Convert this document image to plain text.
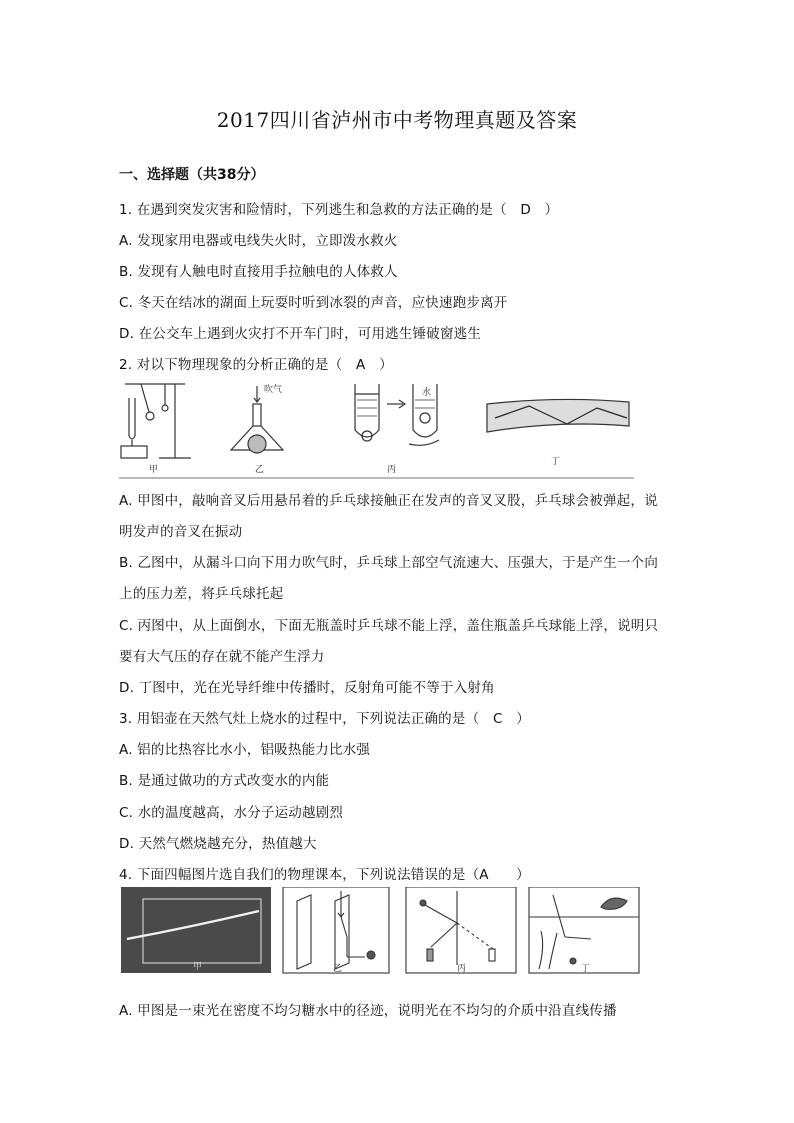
2017四川省泸州市中考物理真题及答案
一、选择题（共38分）
1. 在遇到突发灾害和险情时，下列逃生和急救的方法正确的是（　D　）
A. 发现家用电器或电线失火时，立即泼水救火
B. 发现有人触电时直接用手拉触电的人体救人
C. 冬天在结冰的湖面上玩耍时听到冰裂的声音，应快速跑步离开
D. 在公交车上遇到火灾打不开车门时，可用逃生锤破窗逃生
2. 对以下物理现象的分析正确的是（　A　）
甲
吹气
乙
水
丙
丁
A. 甲图中，敲响音叉后用悬吊着的乒乓球接触正在发声的音叉叉股，乒乓球会被弹起，说
明发声的音叉在振动
B. 乙图中，从漏斗口向下用力吹气时，乒乓球上部空气流速大、压强大，于是产生一个向
上的压力差，将乒乓球托起
C. 丙图中，从上面倒水，下面无瓶盖时乒乓球不能上浮，盖住瓶盖乒乓球能上浮，说明只
要有大气压的存在就不能产生浮力
D. 丁图中，光在光导纤维中传播时，反射角可能不等于入射角
3. 用铝壶在天然气灶上烧水的过程中，下列说法正确的是（　C　）
A. 铝的比热容比水小，铝吸热能力比水强
B. 是通过做功的方式改变水的内能
C. 水的温度越高，水分子运动越剧烈
D. 天然气燃烧越充分，热值越大
4. 下面四幅图片选自我们的物理课本，下列说法错误的是（A　　）
甲	乙	丙	丁
A. 甲图是一束光在密度不均匀糖水中的径迹，说明光在不均匀的介质中沿直线传播
